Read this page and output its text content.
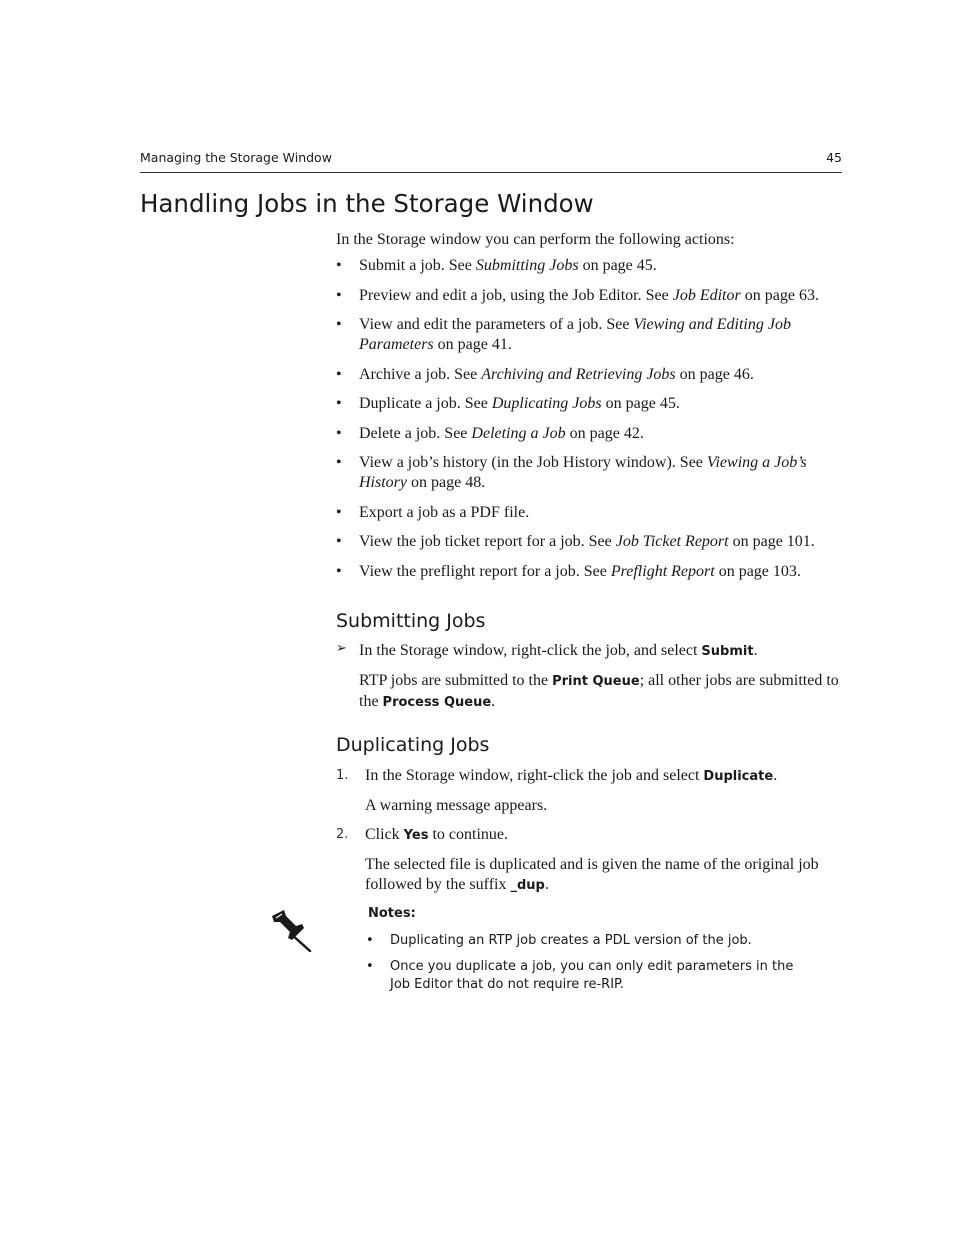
Managing the Storage Window	45
Handling Jobs in the Storage Window
In the Storage window you can perform the following actions:
• Submit a job. See Submitting Jobs on page 45.
• Preview and edit a job, using the Job Editor. See Job Editor on page 63.
• View and edit the parameters of a job. See Viewing and Editing Job Parameters on page 41.
• Archive a job. See Archiving and Retrieving Jobs on page 46.
• Duplicate a job. See Duplicating Jobs on page 45.
• Delete a job. See Deleting a Job on page 42.
• View a job’s history (in the Job History window). See Viewing a Job’s History on page 48.
• Export a job as a PDF file.
• View the job ticket report for a job. See Job Ticket Report on page 101.
• View the preflight report for a job. See Preflight Report on page 103.
Submitting Jobs
➢ In the Storage window, right-click the job, and select Submit.
RTP jobs are submitted to the Print Queue; all other jobs are submitted to the Process Queue.
Duplicating Jobs
1. In the Storage window, right-click the job and select Duplicate.
A warning message appears.
2. Click Yes to continue.
The selected file is duplicated and is given the name of the original job followed by the suffix _dup.
Notes:
• Duplicating an RTP job creates a PDL version of the job.
• Once you duplicate a job, you can only edit parameters in the Job Editor that do not require re-RIP.
